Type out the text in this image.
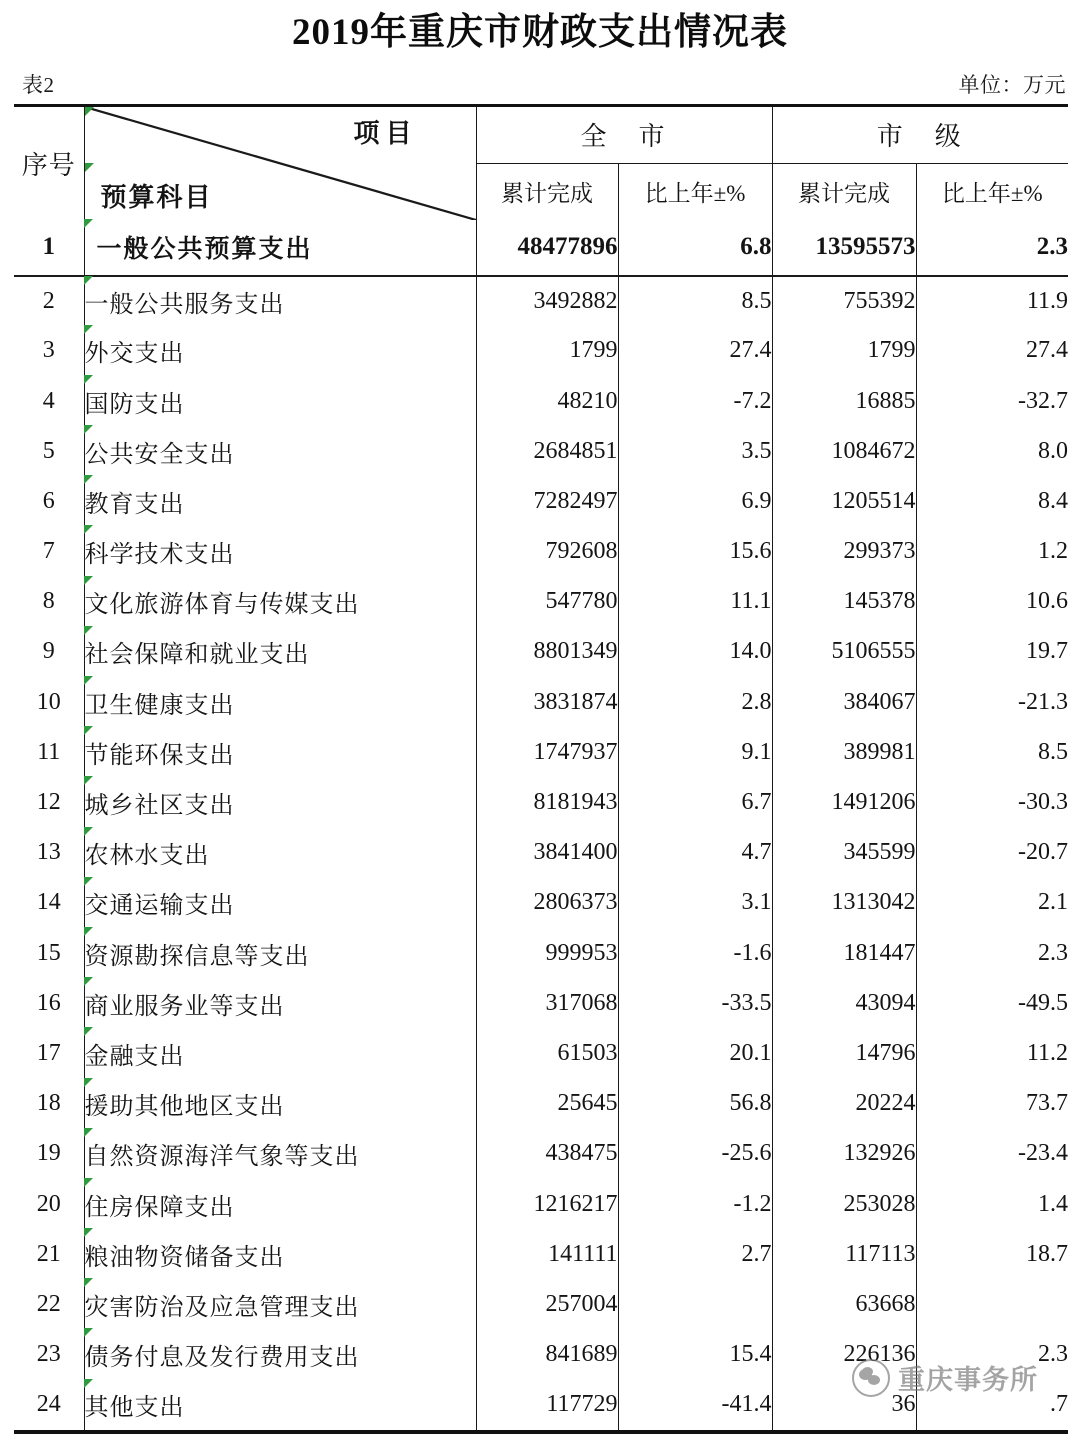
2019年重庆市财政支出情况表
表2	单位：万元
序号	项目
预算科目	全　市		市　级	
		累计完成	比上年±%	累计完成	比上年±%
1	一般公共预算支出	48477896	6.8	13595573	2.3
2	一般公共服务支出	3492882	8.5	755392	11.9
3	外交支出	1799	27.4	1799	27.4
4	国防支出	48210	-7.2	16885	-32.7
5	公共安全支出	2684851	3.5	1084672	8.0
6	教育支出	7282497	6.9	1205514	8.4
7	科学技术支出	792608	15.6	299373	1.2
8	文化旅游体育与传媒支出	547780	11.1	145378	10.6
9	社会保障和就业支出	8801349	14.0	5106555	19.7
10	卫生健康支出	3831874	2.8	384067	-21.3
11	节能环保支出	1747937	9.1	389981	8.5
12	城乡社区支出	8181943	6.7	1491206	-30.3
13	农林水支出	3841400	4.7	345599	-20.7
14	交通运输支出	2806373	3.1	1313042	2.1
15	资源勘探信息等支出	999953	-1.6	181447	2.3
16	商业服务业等支出	317068	-33.5	43094	-49.5
17	金融支出	61503	20.1	14796	11.2
18	援助其他地区支出	25645	56.8	20224	73.7
19	自然资源海洋气象等支出	438475	-25.6	132926	-23.4
20	住房保障支出	1216217	-1.2	253028	1.4
21	粮油物资储备支出	141111	2.7	117113	18.7
22	灾害防治及应急管理支出	257004		63668	
23	债务付息及发行费用支出	841689	15.4	226136	2.3
24	其他支出	117729	-41.4	36	.7
重庆事务所
